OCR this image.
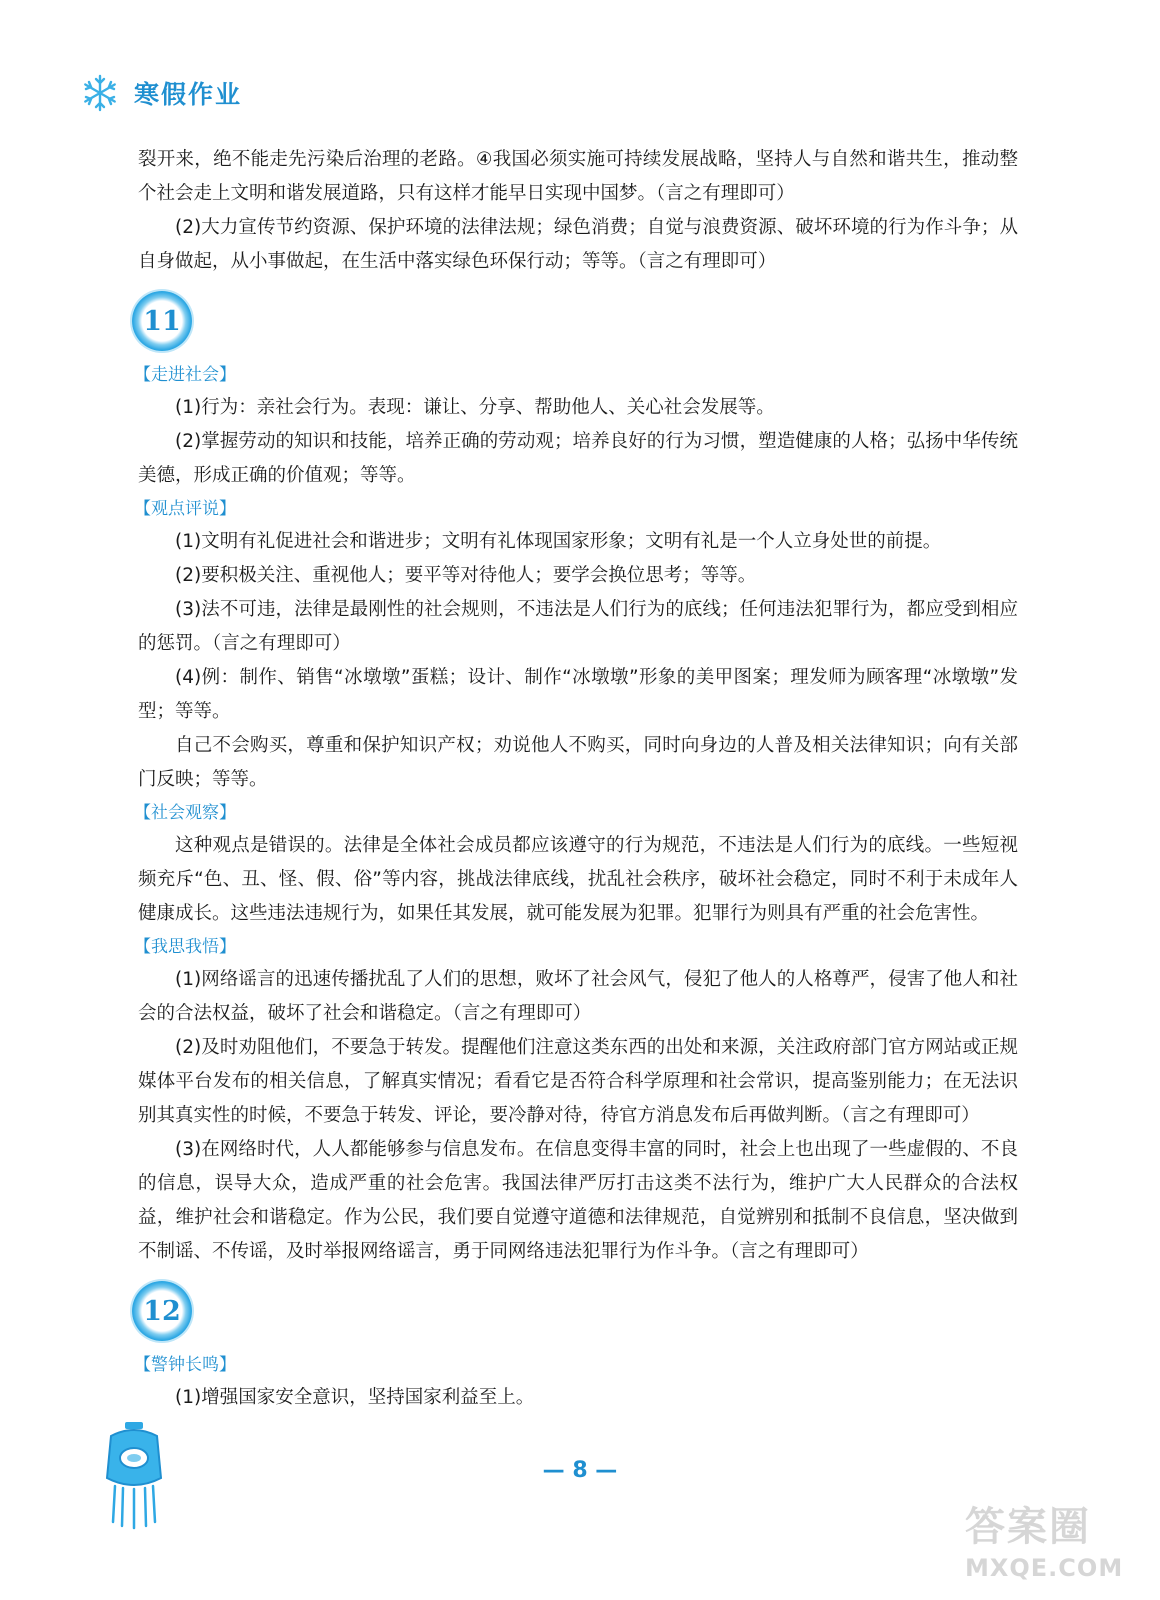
寒假作业

裂开来，绝不能走先污染后治理的老路。④我国必须实施可持续发展战略，坚持人与自然和谐共生，推动整个社会走上文明和谐发展道路，只有这样才能早日实现中国梦。（言之有理即可）

(2)大力宣传节约资源、保护环境的法律法规；绿色消费；自觉与浪费资源、破坏环境的行为作斗争；从自身做起，从小事做起，在生活中落实绿色环保行动；等等。（言之有理即可）

11

【走进社会】

(1)行为：亲社会行为。表现：谦让、分享、帮助他人、关心社会发展等。

(2)掌握劳动的知识和技能，培养正确的劳动观；培养良好的行为习惯，塑造健康的人格；弘扬中华传统美德，形成正确的价值观；等等。

【观点评说】

(1)文明有礼促进社会和谐进步；文明有礼体现国家形象；文明有礼是一个人立身处世的前提。

(2)要积极关注、重视他人；要平等对待他人；要学会换位思考；等等。

(3)法不可违，法律是最刚性的社会规则，不违法是人们行为的底线；任何违法犯罪行为，都应受到相应的惩罚。（言之有理即可）

(4)例：制作、销售“冰墩墩”蛋糕；设计、制作“冰墩墩”形象的美甲图案；理发师为顾客理“冰墩墩”发型；等等。

自己不会购买，尊重和保护知识产权；劝说他人不购买，同时向身边的人普及相关法律知识；向有关部门反映；等等。

【社会观察】

这种观点是错误的。法律是全体社会成员都应该遵守的行为规范，不违法是人们行为的底线。一些短视频充斥“色、丑、怪、假、俗”等内容，挑战法律底线，扰乱社会秩序，破坏社会稳定，同时不利于未成年人健康成长。这些违法违规行为，如果任其发展，就可能发展为犯罪。犯罪行为则具有严重的社会危害性。

【我思我悟】

(1)网络谣言的迅速传播扰乱了人们的思想，败坏了社会风气，侵犯了他人的人格尊严，侵害了他人和社会的合法权益，破坏了社会和谐稳定。（言之有理即可）

(2)及时劝阻他们，不要急于转发。提醒他们注意这类东西的出处和来源，关注政府部门官方网站或正规媒体平台发布的相关信息，了解真实情况；看看它是否符合科学原理和社会常识，提高鉴别能力；在无法识别其真实性的时候，不要急于转发、评论，要冷静对待，待官方消息发布后再做判断。（言之有理即可）

(3)在网络时代，人人都能够参与信息发布。在信息变得丰富的同时，社会上也出现了一些虚假的、不良的信息，误导大众，造成严重的社会危害。我国法律严厉打击这类不法行为，维护广大人民群众的合法权益，维护社会和谐稳定。作为公民，我们要自觉遵守道德和法律规范，自觉辨别和抵制不良信息，坚决做到不制谣、不传谣，及时举报网络谣言，勇于同网络违法犯罪行为作斗争。（言之有理即可）

12

【警钟长鸣】

(1)增强国家安全意识，坚持国家利益至上。

— 8 —
答案圈
MXQE.COM
